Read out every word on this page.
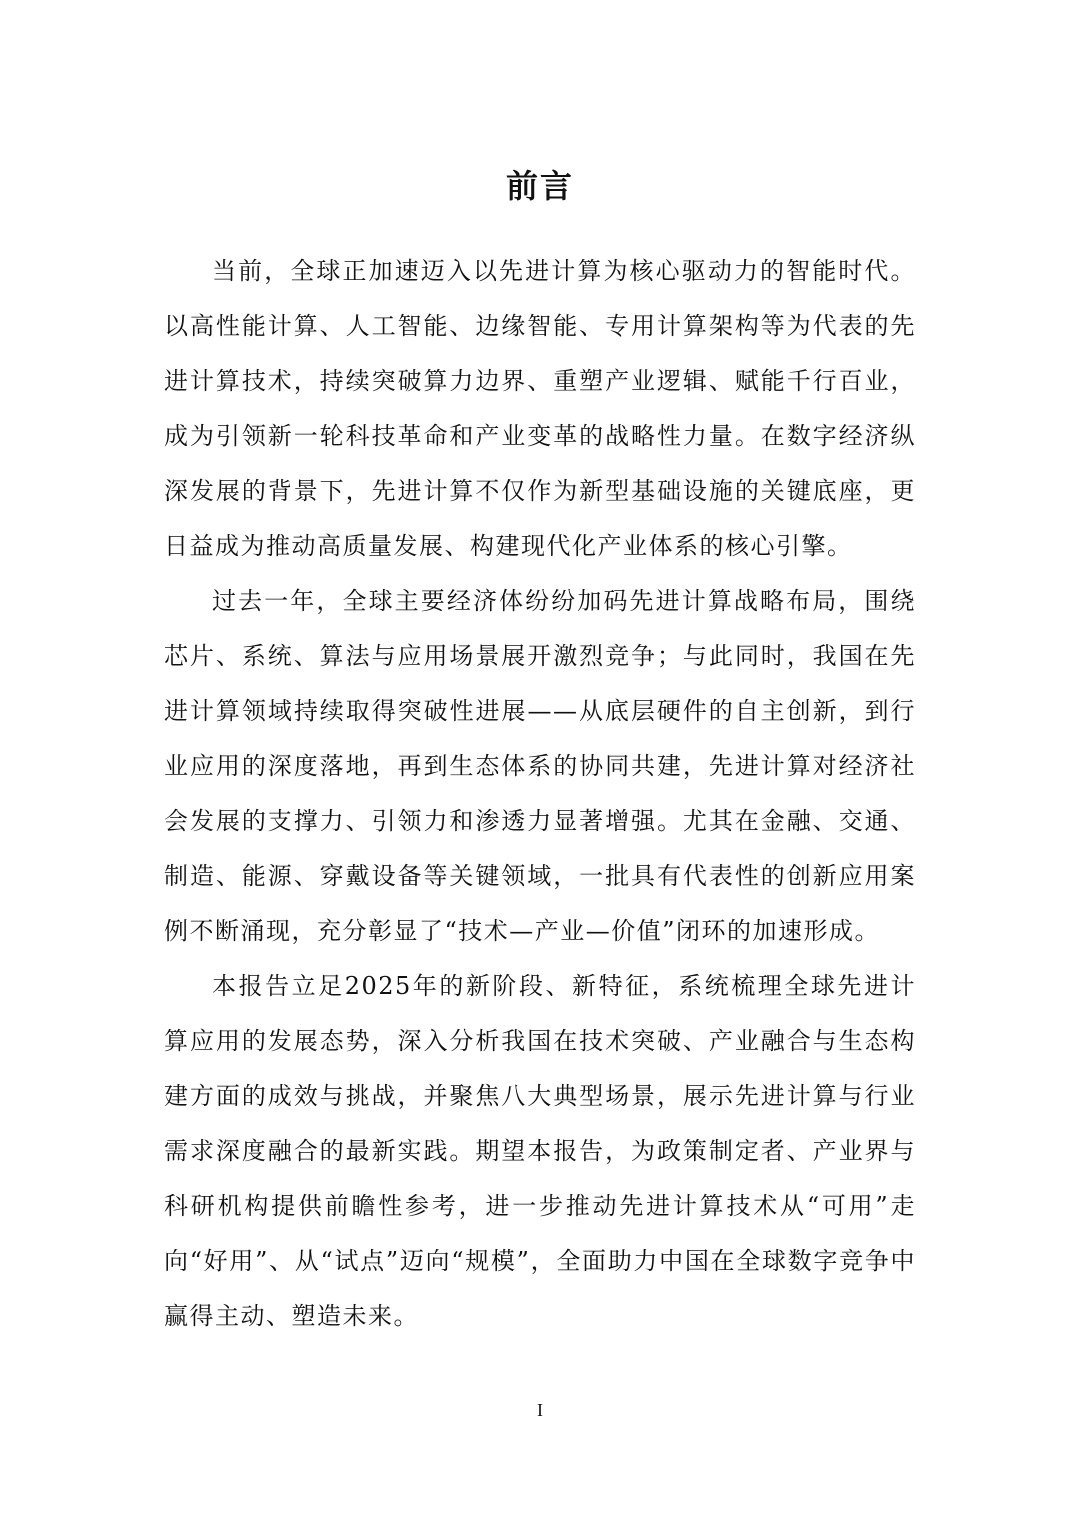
前言

当前，全球正加速迈入以先进计算为核心驱动力的智能时代。以高性能计算、人工智能、边缘智能、专用计算架构等为代表的先进计算技术，持续突破算力边界、重塑产业逻辑、赋能千行百业，成为引领新一轮科技革命和产业变革的战略性力量。在数字经济纵深发展的背景下，先进计算不仅作为新型基础设施的关键底座，更日益成为推动高质量发展、构建现代化产业体系的核心引擎。

过去一年，全球主要经济体纷纷加码先进计算战略布局，围绕芯片、系统、算法与应用场景展开激烈竞争；与此同时，我国在先进计算领域持续取得突破性进展——从底层硬件的自主创新，到行业应用的深度落地，再到生态体系的协同共建，先进计算对经济社会发展的支撑力、引领力和渗透力显著增强。尤其在金融、交通、制造、能源、穿戴设备等关键领域，一批具有代表性的创新应用案例不断涌现，充分彰显了“技术—产业—价值”闭环的加速形成。

本报告立足2025年的新阶段、新特征，系统梳理全球先进计算应用的发展态势，深入分析我国在技术突破、产业融合与生态构建方面的成效与挑战，并聚焦八大典型场景，展示先进计算与行业需求深度融合的最新实践。期望本报告，为政策制定者、产业界与科研机构提供前瞻性参考，进一步推动先进计算技术从“可用”走向“好用”、从“试点”迈向“规模”，全面助力中国在全球数字竞争中赢得主动、塑造未来。

I
